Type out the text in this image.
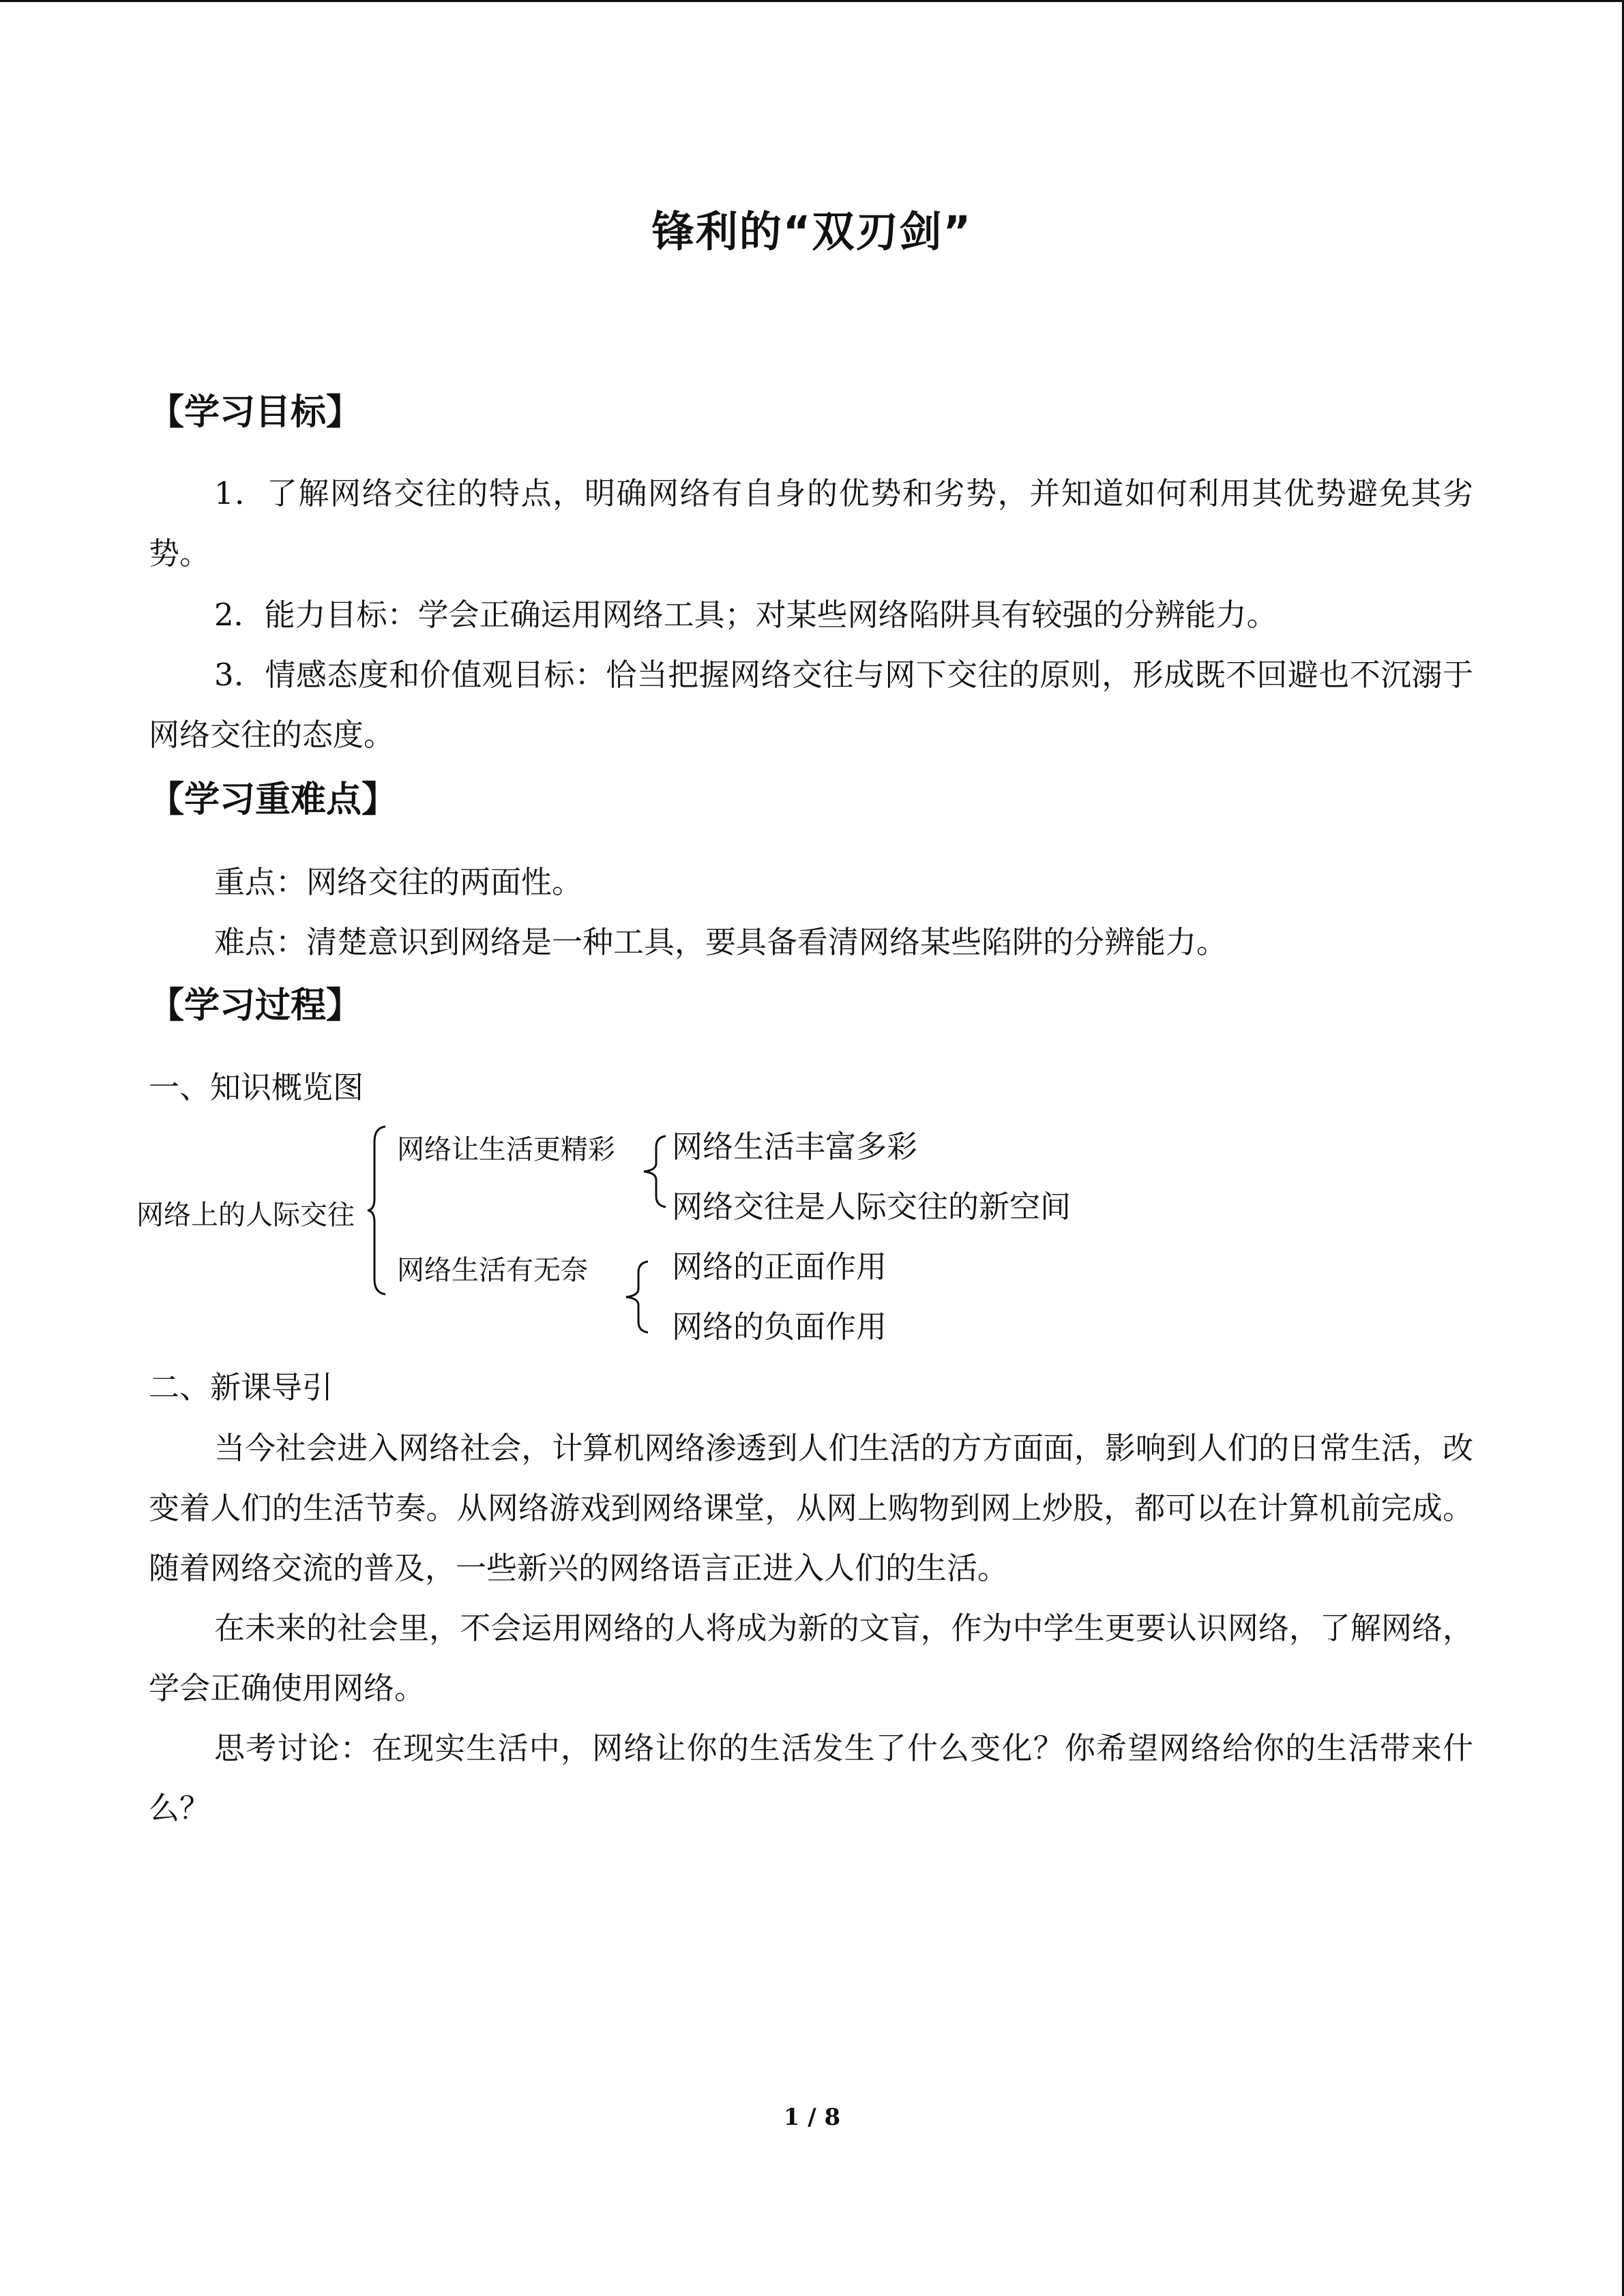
锋利的“双刃剑”
【学习目标】

1．了解网络交往的特点，明确网络有自身的优势和劣势，并知道如何利用其优势避免其劣势。

2．能力目标：学会正确运用网络工具；对某些网络陷阱具有较强的分辨能力。

3．情感态度和价值观目标：恰当把握网络交往与网下交往的原则，形成既不回避也不沉溺于网络交往的态度。

【学习重难点】

重点：网络交往的两面性。

难点：清楚意识到网络是一种工具，要具备看清网络某些陷阱的分辨能力。

【学习过程】
一、知识概览图
网络上的人际交往
网络让生活更精彩
网络生活有无奈
网络生活丰富多彩
网络交往是人际交往的新空间
网络的正面作用
网络的负面作用
二、新课导引

当今社会进入网络社会，计算机网络渗透到人们生活的方方面面，影响到人们的日常生活，改变着人们的生活节奏。从网络游戏到网络课堂，从网上购物到网上炒股，都可以在计算机前完成。随着网络交流的普及，一些新兴的网络语言正进入人们的生活。

在未来的社会里，不会运用网络的人将成为新的文盲，作为中学生更要认识网络，了解网络，学会正确使用网络。

思考讨论：在现实生活中，网络让你的生活发生了什么变化？你希望网络给你的生活带来什么？

1 / 8
